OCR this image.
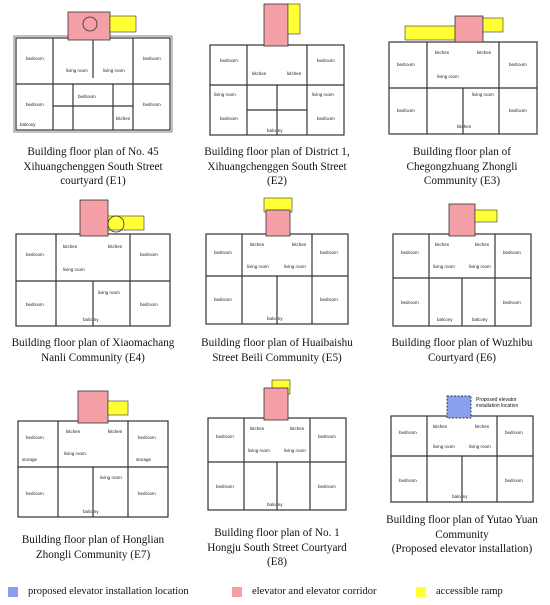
bedroom	bedroom
living room	living room
bedroom	bedroom
bedroom
kitchen
balcony
Building floor plan of No. 45
Xihuangchenggen South Street
courtyard (E1)
bedroom	bedroom
kitchen	kitchen
living room	living room
bedroom	bedroom
balcony
Building floor plan of District 1,
Xihuangchenggen South Street
(E2)
kitchen	kitchen
bedroom	bedroom
living room
living room
bedroom	bedroom
kitchen
Building floor plan of
Chegongzhuang Zhongli
Community (E3)
bedroom	bedroom
kitchen	kitchen
living room
living room
bedroom	bedroom
balcony
Building floor plan of Xiaomachang
Nanli Community (E4)
bedroom	bedroom
kitchen	kitchen
living room	living room
bedroom	bedroom
balcony
Building floor plan of Huaibaishu
Street Beili Community (E5)
bedroom	bedroom
kitchen	kitchen
living room	living room
bedroom	bedroom
balcony	balcony
Building floor plan of Wuzhibu
Courtyard (E6)
bedroom	bedroom
kitchen	kitchen
storage	storage
living room
living room
bedroom	bedroom
balcony
Building floor plan of Honglian
Zhongli Community (E7)
bedroom	bedroom
kitchen	kitchen
living room	living room
bedroom	bedroom
balcony
Building floor plan of No. 1
Hongju South Street Courtyard
(E8)
bedroom	bedroom
kitchen	kitchen
living room	living room
bedroom	bedroom
balcony
Proposed elevator
installation location
Building floor plan of Yutao Yuan
Community
(Proposed elevator installation)
proposed elevator installation location	elevator and elevator corridor	accessible ramp
